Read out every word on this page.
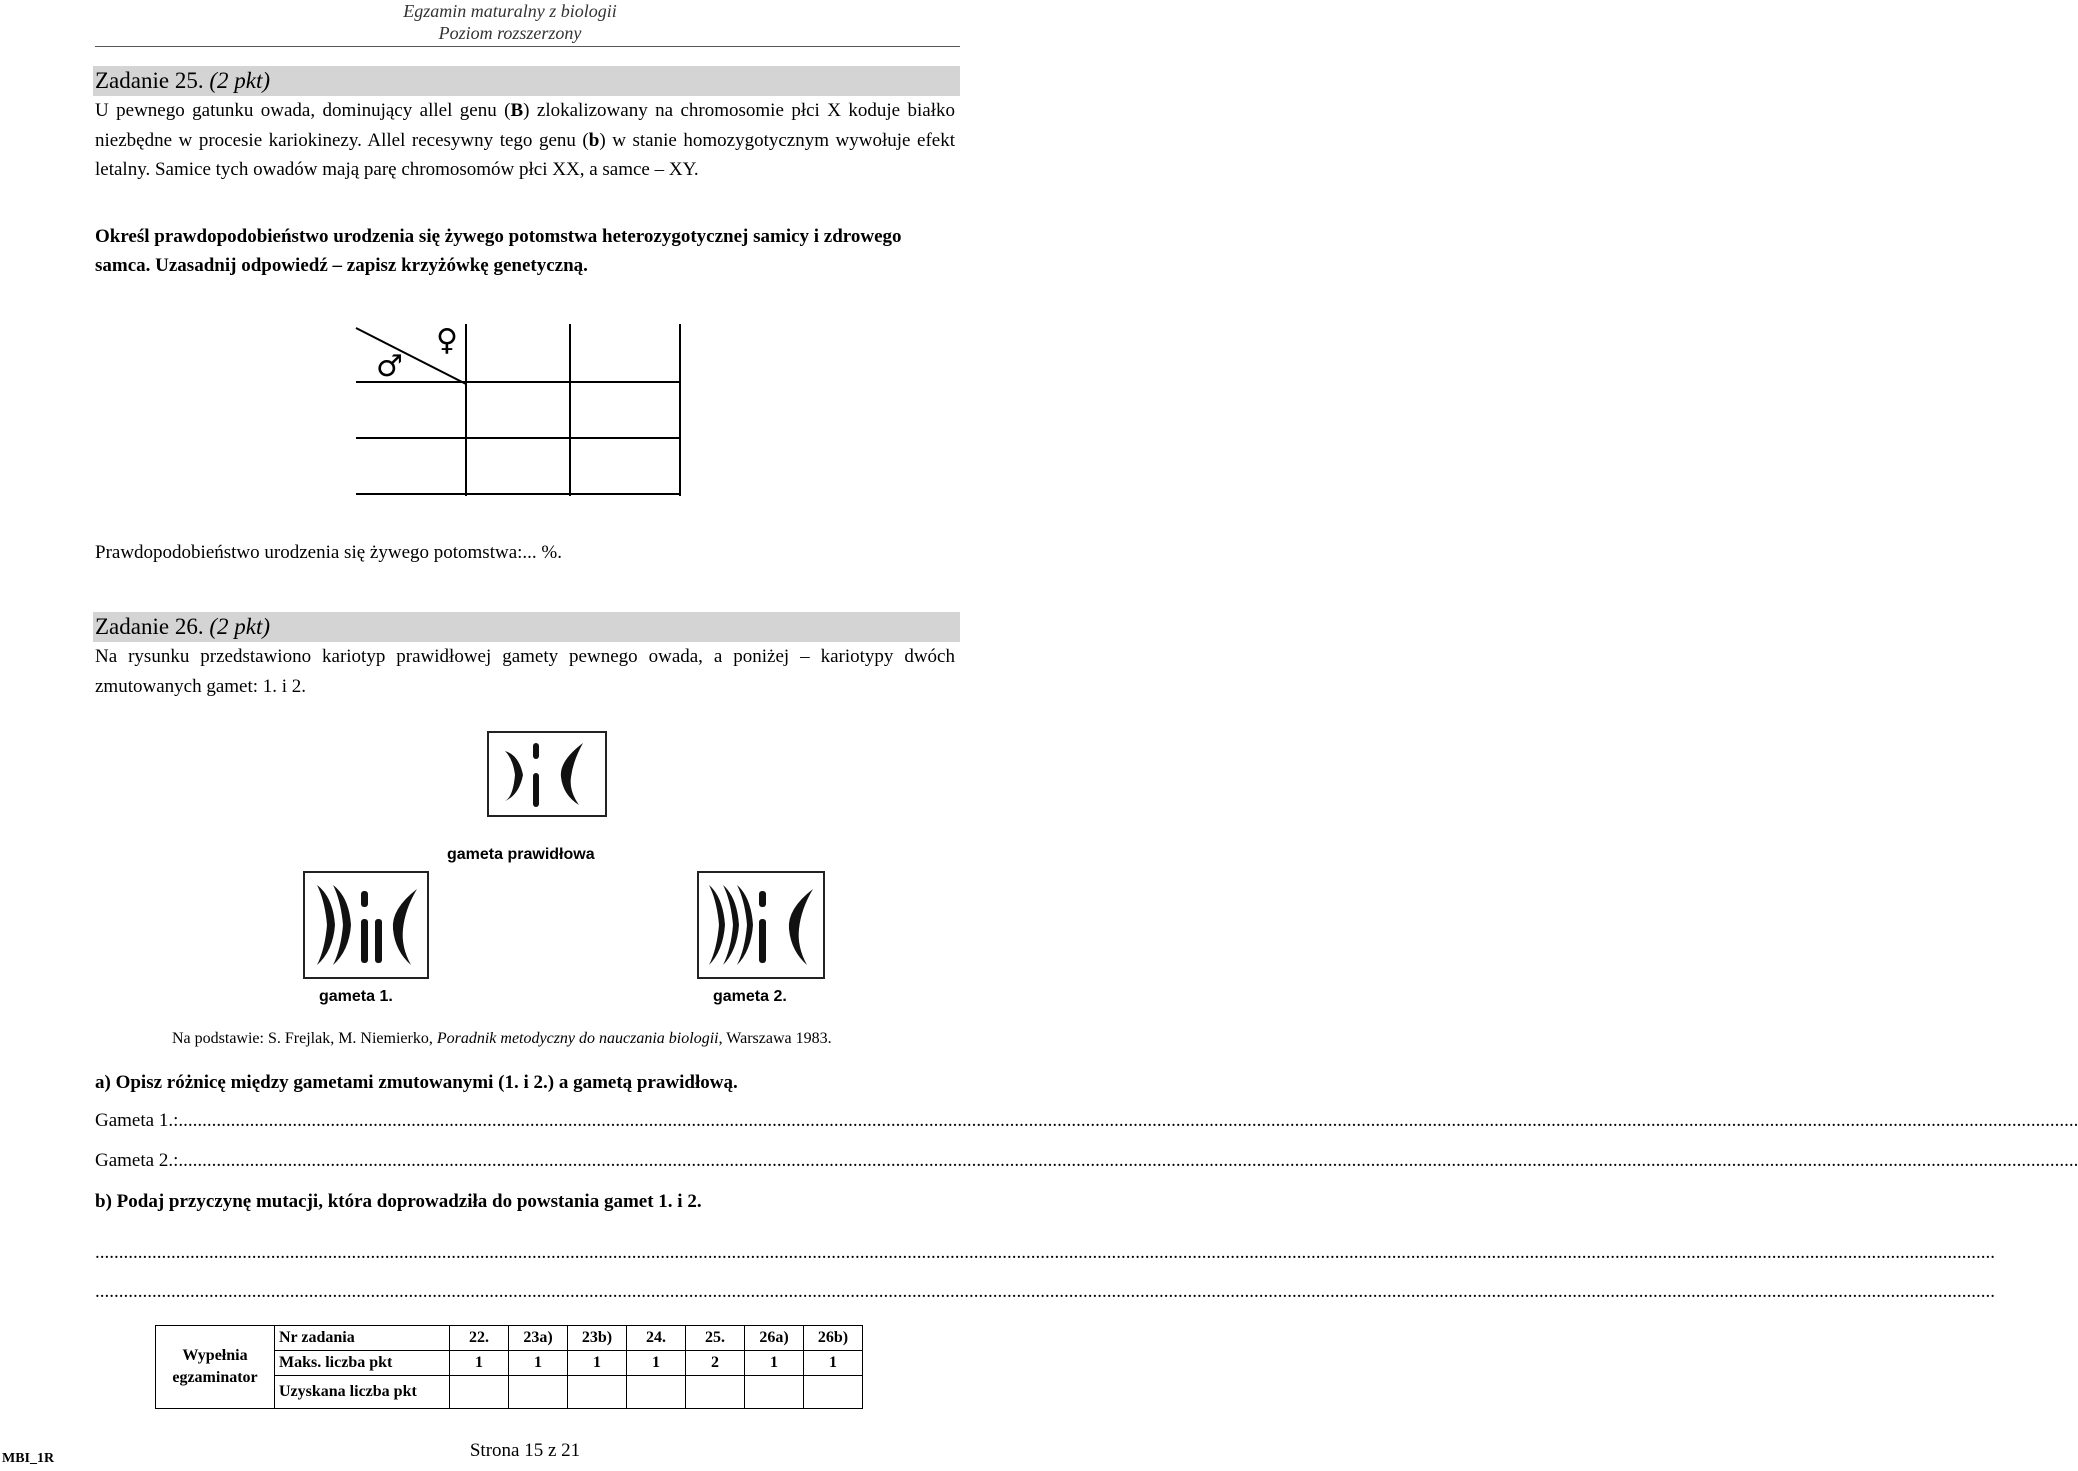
Egzamin maturalny z biologii
Poziom rozszerzony
Zadanie 25. (2 pkt)
U pewnego gatunku owada, dominujący allel genu (B) zlokalizowany na chromosomie płci X koduje białko niezbędne w procesie kariokinezy. Allel recesywny tego genu (b) w stanie homozygotycznym wywołuje efekt letalny. Samice tych owadów mają parę chromosomów płci XX, a samce – XY.
Określ prawdopodobieństwo urodzenia się żywego potomstwa heterozygotycznej samicy i zdrowego samca. Uzasadnij odpowiedź – zapisz krzyżówkę genetyczną.
♂
♀
Prawdopodobieństwo urodzenia się żywego potomstwa:... %.
Zadanie 26. (2 pkt)
Na rysunku przedstawiono kariotyp prawidłowej gamety pewnego owada, a poniżej – kariotypy dwóch zmutowanych gamet: 1. i 2.
gameta prawidłowa
gameta 1.	gameta 2.
Na podstawie: S. Frejlak, M. Niemierko, Poradnik metodyczny do nauczania biologii, Warszawa 1983.
a) Opisz różnicę między gametami zmutowanymi (1. i 2.) a gametą prawidłową.
Gameta 1.:................................................................................................................................................................................................................................................................................................................................................................................................................
Gameta 2.:................................................................................................................................................................................................................................................................................................................................................................................................................
b) Podaj przyczynę mutacji, która doprowadziła do powstania gamet 1. i 2.
................................................................................................................................................................................................................................................................................................................................................................................................................
................................................................................................................................................................................................................................................................................................................................................................................................................
Wypełnia egzaminator	Nr zadania	22.	23a)	23b)	24.	25.	26a)	26b)
	Maks. liczba pkt	1	1	1	1	2	1	1
	Uzyskana liczba pkt							
MBI_1R	Strona 15 z 21
